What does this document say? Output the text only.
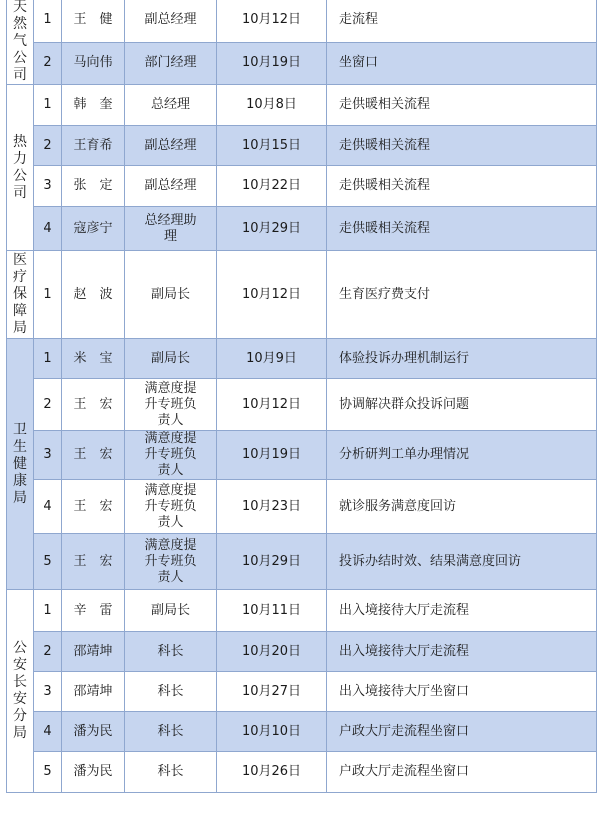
天然气公司	1	王　健	副总经理	10月12日	走流程
	2	马向伟	部门经理	10月19日	坐窗口
热力公司	1	韩　奎	总经理	10月8日	走供暖相关流程
	2	王育希	副总经理	10月15日	走供暖相关流程
	3	张　定	副总经理	10月22日	走供暖相关流程
	4	寇彦宁	总经理助理	10月29日	走供暖相关流程
医疗保障局	1	赵　波	副局长	10月12日	生育医疗费支付
卫生健康局	1	米　宝	副局长	10月9日	体验投诉办理机制运行
	2	王　宏	满意度提升专班负责人	10月12日	协调解决群众投诉问题
	3	王　宏	满意度提升专班负责人	10月19日	分析研判工单办理情况
	4	王　宏	满意度提升专班负责人	10月23日	就诊服务满意度回访
	5	王　宏	满意度提升专班负责人	10月29日	投诉办结时效、结果满意度回访
公安长安分局	1	辛　雷	副局长	10月11日	出入境接待大厅走流程
	2	邵靖坤	科长	10月20日	出入境接待大厅走流程
	3	邵靖坤	科长	10月27日	出入境接待大厅坐窗口
	4	潘为民	科长	10月10日	户政大厅走流程坐窗口
	5	潘为民	科长	10月26日	户政大厅走流程坐窗口
